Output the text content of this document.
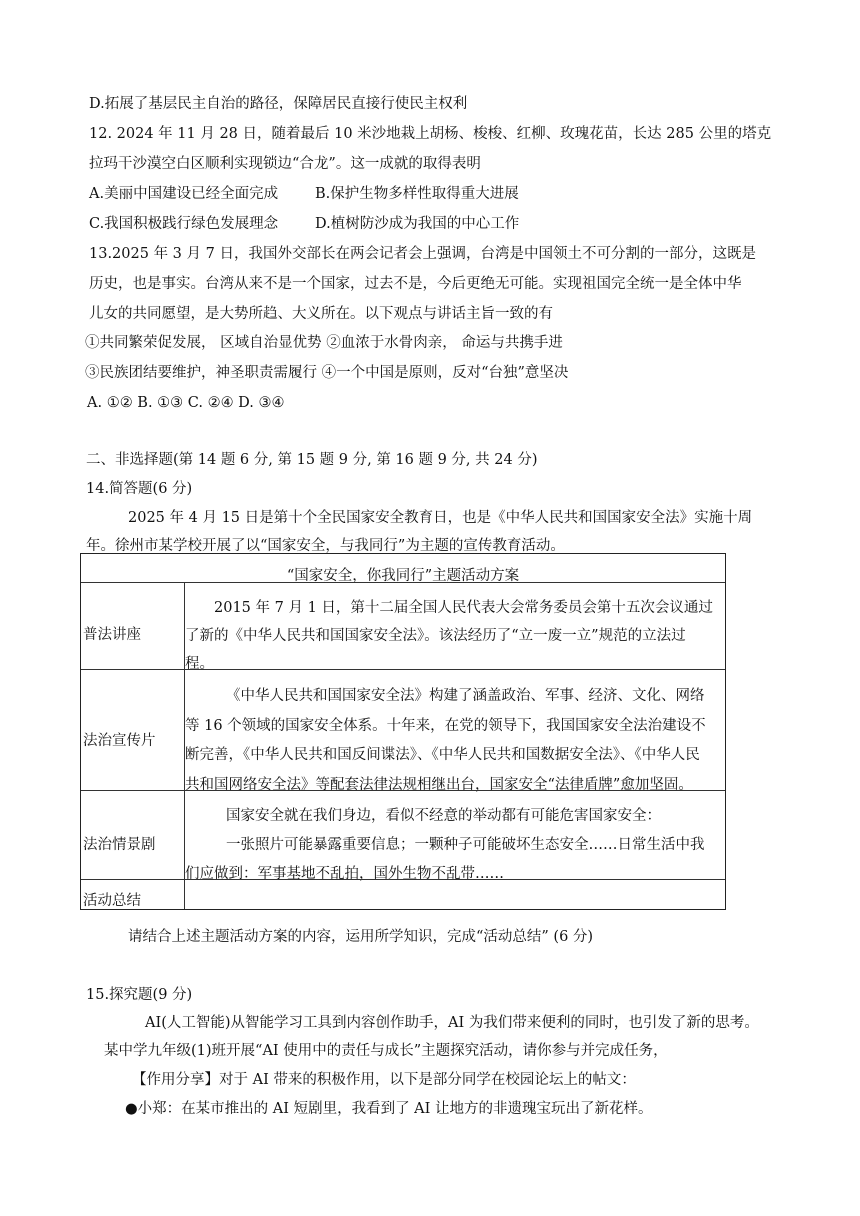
D.拓展了基层民主自治的路径，保障居民直接行使民主权利
12. 2024 年 11 月 28 日，随着最后 10 米沙地栽上胡杨、梭梭、红柳、玫瑰花苗，长达 285 公里的塔克
拉玛干沙漠空白区顺利实现锁边“合龙”。这一成就的取得表明
A.美丽中国建设已经全面完成	B.保护生物多样性取得重大进展
C.我国积极践行绿色发展理念	D.植树防沙成为我国的中心工作
13.2025 年 3 月 7 日，我国外交部长在两会记者会上强调，台湾是中国领土不可分割的一部分，这既是
历史，也是事实。台湾从来不是一个国家，过去不是，今后更绝无可能。实现祖国完全统一是全体中华
儿女的共同愿望，是大势所趋、大义所在。以下观点与讲话主旨一致的有
①共同繁荣促发展， 区域自治显优势 ②血浓于水骨肉亲， 命运与共携手进
③民族团结要维护，神圣职责需履行 ④一个中国是原则，反对“台独”意坚决
A. ①② B. ①③ C. ②④ D. ③④
二、非选择题(第 14 题 6 分, 第 15 题 9 分, 第 16 题 9 分, 共 24 分)
14.简答题(6 分)
2025 年 4 月 15 日是第十个全民国家安全教育日，也是《中华人民共和国国家安全法》实施十周
年。徐州市某学校开展了以“国家安全，与我同行”为主题的宣传教育活动。
“国家安全，你我同行”主题活动方案
普法讲座
2015 年 7 月 1 日，第十二届全国人民代表大会常务委员会第十五次会议通过
了新的《中华人民共和国国家安全法》。该法经历了“立一废一立”规范的立法过
程。
法治宣传片
《中华人民共和国国家安全法》构建了涵盖政治、军事、经济、文化、网络
等 16 个领域的国家安全体系。十年来，在党的领导下，我国国家安全法治建设不
断完善，《中华人民共和国反间谍法》、《中华人民共和国数据安全法》、《中华人民
共和国网络安全法》等配套法律法规相继出台，国家安全“法律盾牌”愈加坚固。
法治情景剧
国家安全就在我们身边，看似不经意的举动都有可能危害国家安全：
一张照片可能暴露重要信息；一颗种子可能破坏生态安全……日常生活中我
们应做到：军事基地不乱拍，国外生物不乱带……
活动总结
请结合上述主题活动方案的内容，运用所学知识，完成“活动总结” (6 分)
15.探究题(9 分)
AI(人工智能)从智能学习工具到内容创作助手，AI 为我们带来便利的同时，也引发了新的思考。
某中学九年级(1)班开展“AI 使用中的责任与成长”主题探究活动，请你参与并完成任务，
【作用分享】对于 AI 带来的积极作用，以下是部分同学在校园论坛上的帖文：
●小郑：在某市推出的 AI 短剧里，我看到了 AI 让地方的非遗瑰宝玩出了新花样。
